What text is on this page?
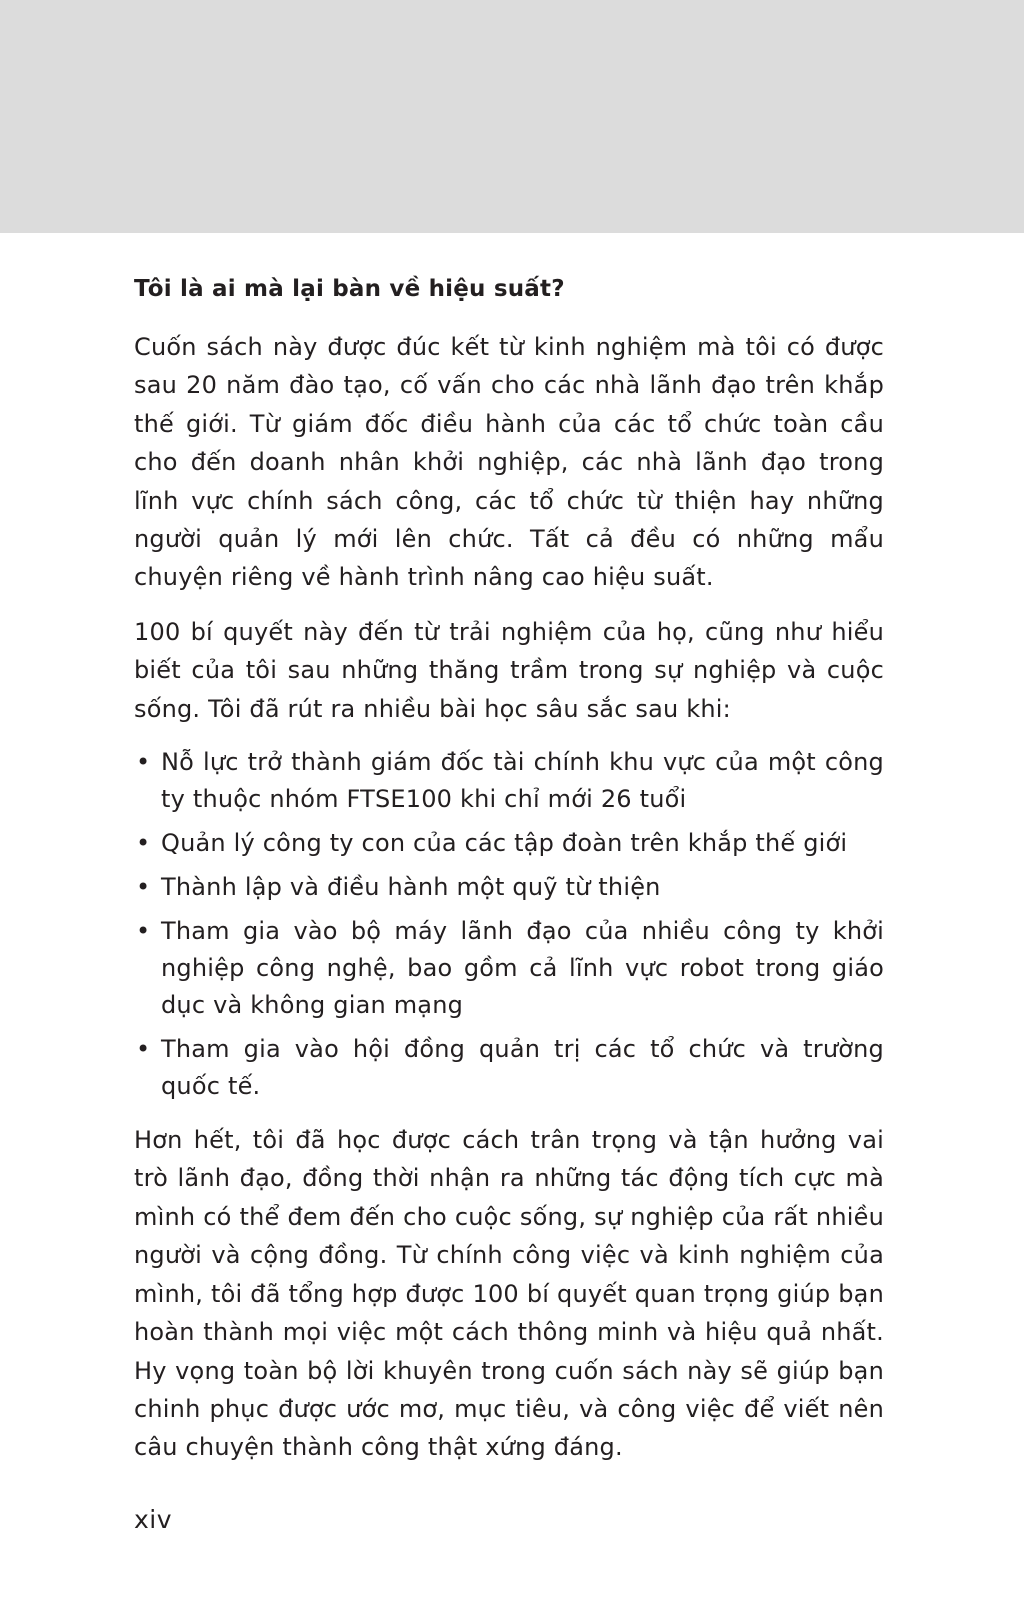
Tôi là ai mà lại bàn về hiệu suất?

Cuốn sách này được đúc kết từ kinh nghiệm mà tôi có được sau 20 năm đào tạo, cố vấn cho các nhà lãnh đạo trên khắp thế giới. Từ giám đốc điều hành của các tổ chức toàn cầu cho đến doanh nhân khởi nghiệp, các nhà lãnh đạo trong lĩnh vực chính sách công, các tổ chức từ thiện hay những người quản lý mới lên chức. Tất cả đều có những mẩu chuyện riêng về hành trình nâng cao hiệu suất.

100 bí quyết này đến từ trải nghiệm của họ, cũng như hiểu biết của tôi sau những thăng trầm trong sự nghiệp và cuộc sống. Tôi đã rút ra nhiều bài học sâu sắc sau khi:

• Nỗ lực trở thành giám đốc tài chính khu vực của một công ty thuộc nhóm FTSE100 khi chỉ mới 26 tuổi
• Quản lý công ty con của các tập đoàn trên khắp thế giới
• Thành lập và điều hành một quỹ từ thiện
• Tham gia vào bộ máy lãnh đạo của nhiều công ty khởi nghiệp công nghệ, bao gồm cả lĩnh vực robot trong giáo dục và không gian mạng
• Tham gia vào hội đồng quản trị các tổ chức và trường quốc tế.

Hơn hết, tôi đã học được cách trân trọng và tận hưởng vai trò lãnh đạo, đồng thời nhận ra những tác động tích cực mà mình có thể đem đến cho cuộc sống, sự nghiệp của rất nhiều người và cộng đồng. Từ chính công việc và kinh nghiệm của mình, tôi đã tổng hợp được 100 bí quyết quan trọng giúp bạn hoàn thành mọi việc một cách thông minh và hiệu quả nhất. Hy vọng toàn bộ lời khuyên trong cuốn sách này sẽ giúp bạn chinh phục được ước mơ, mục tiêu, và công việc để viết nên câu chuyện thành công thật xứng đáng.

xiv
